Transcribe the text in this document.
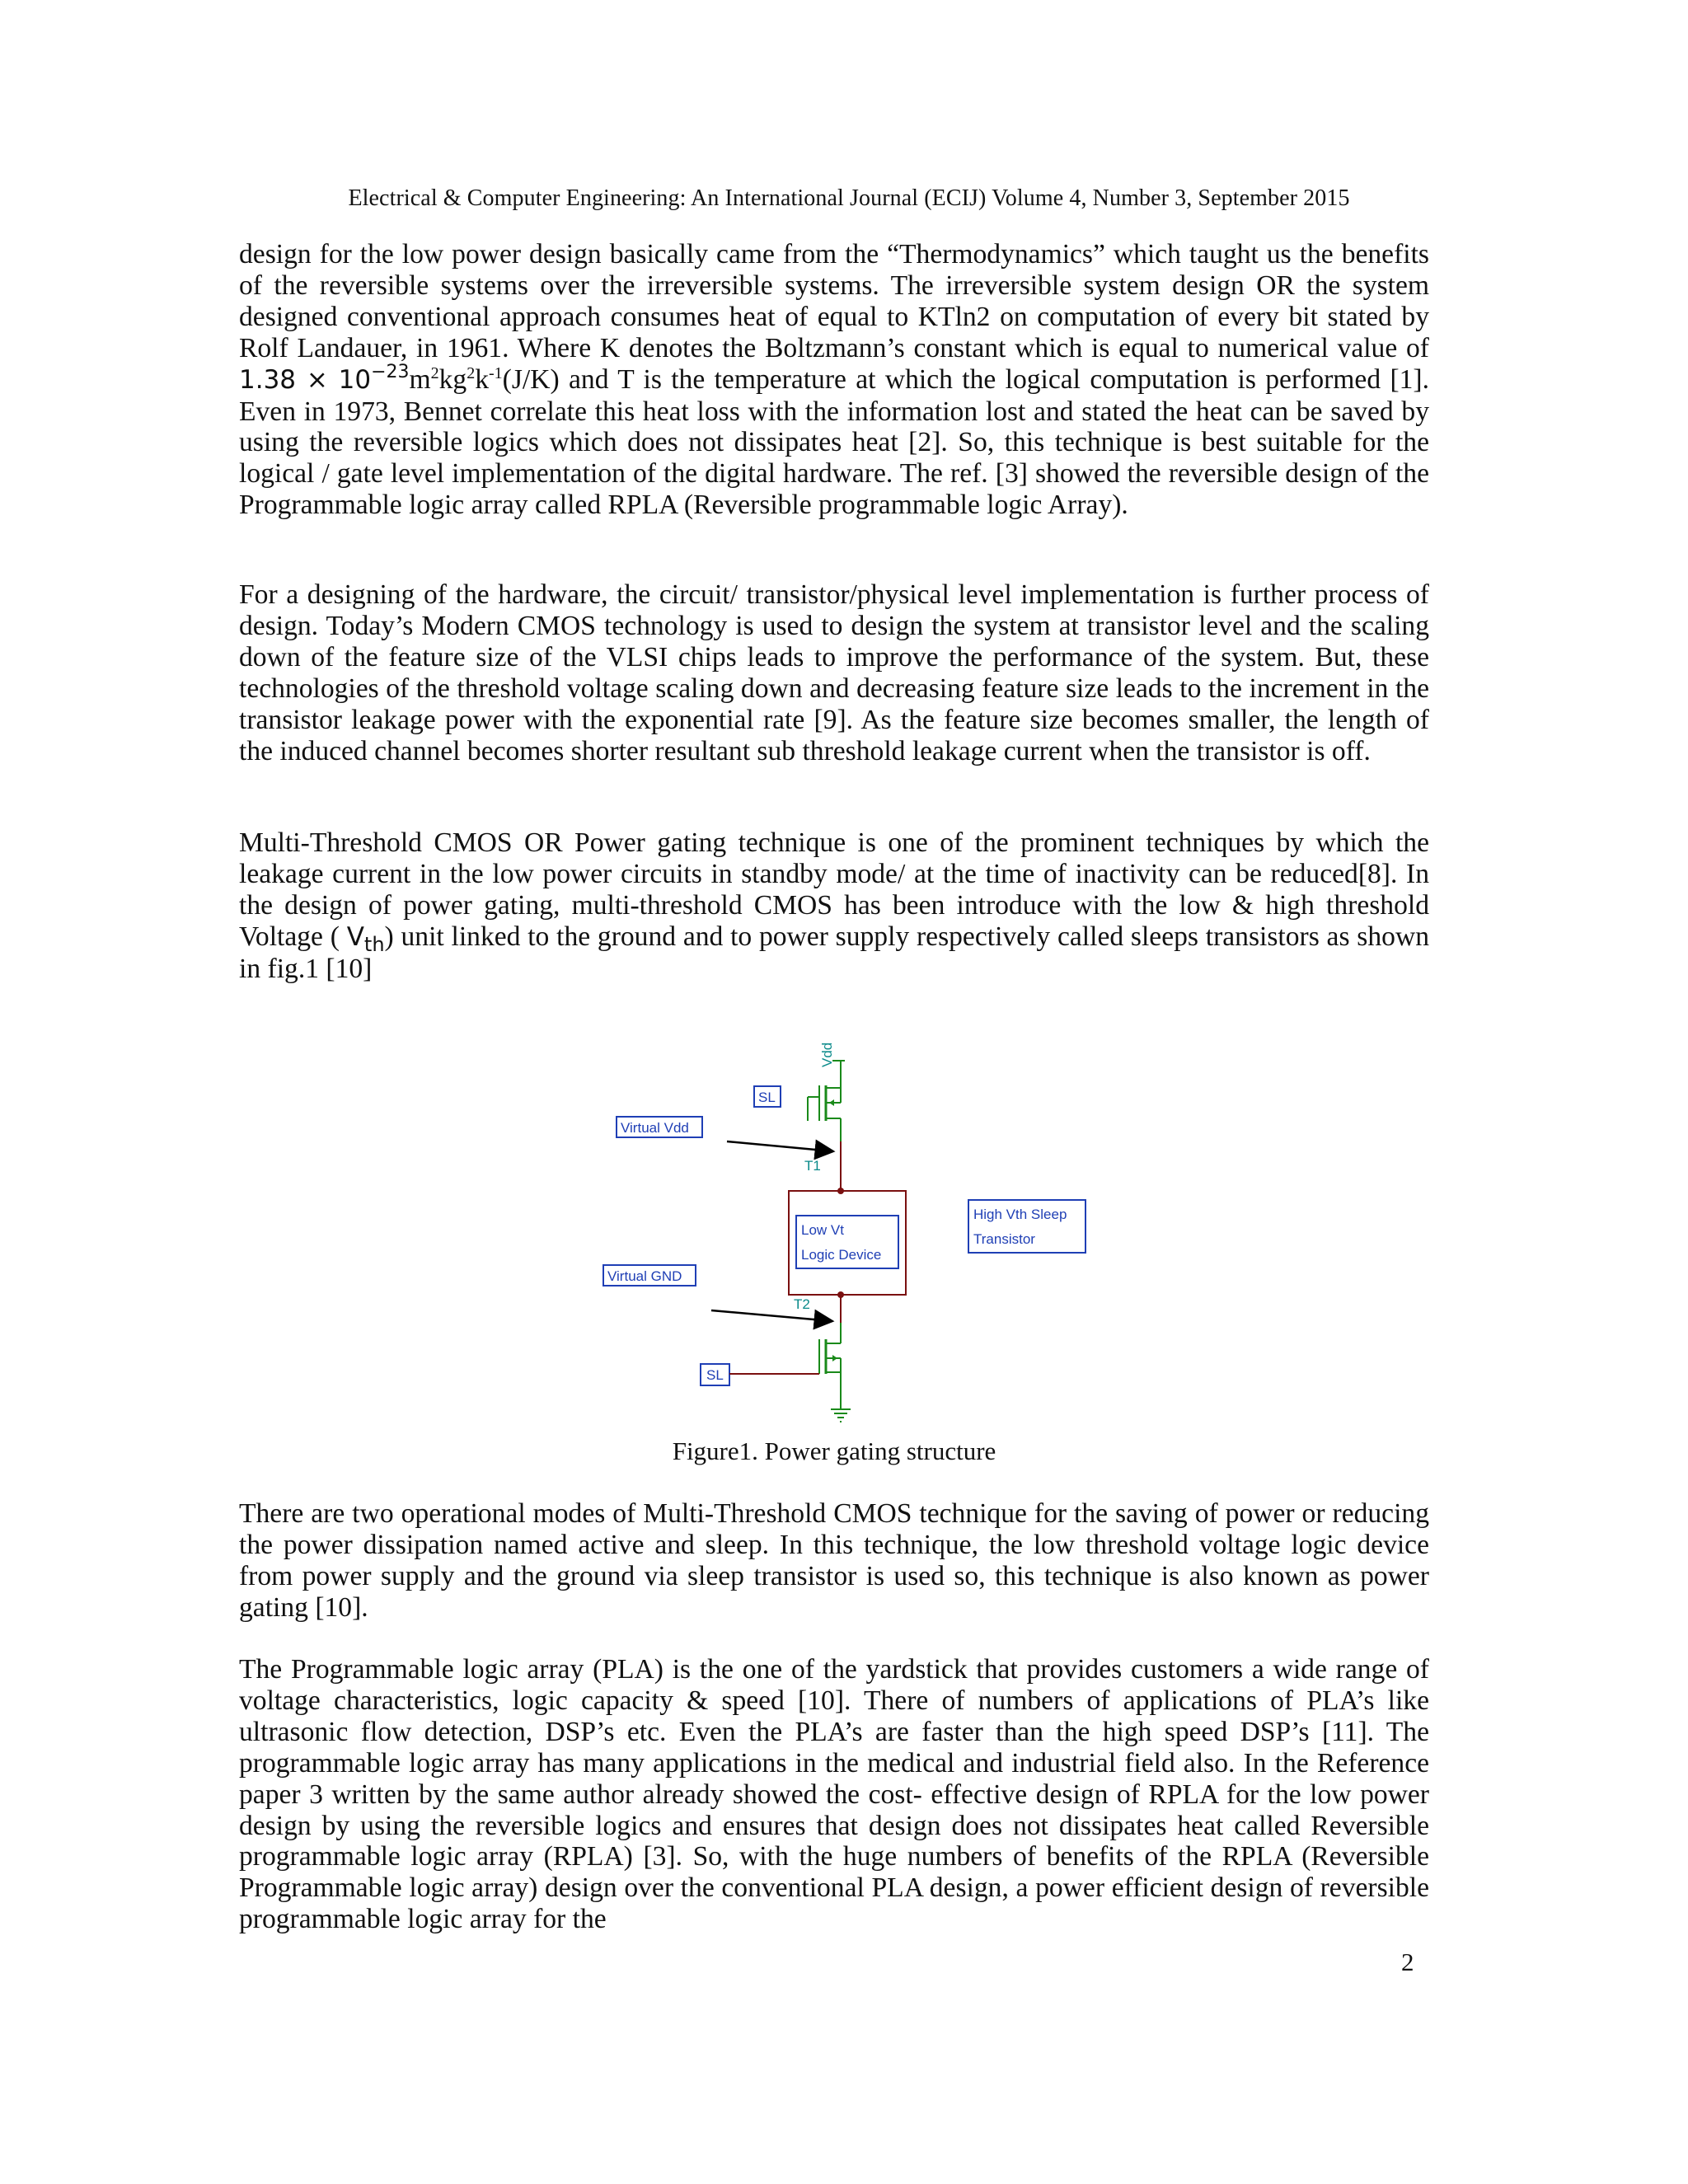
Electrical & Computer Engineering: An International Journal (ECIJ) Volume 4, Number 3, September 2015

design for the low power design basically came from the “Thermodynamics” which taught us the benefits of the reversible systems over the irreversible systems. The irreversible system design OR the system designed conventional approach consumes heat of equal to KTln2 on computation of every bit stated by Rolf Landauer, in 1961. Where K denotes the Boltzmann’s constant which is equal to numerical value of $1.38 \times 10^{-23}m^2kg^2k^{-1}(J/K)$ and T is the temperature at which the logical computation is performed [1]. Even in 1973, Bennet correlate this heat loss with the information lost and stated the heat can be saved by using the reversible logics which does not dissipates heat [2]. So, this technique is best suitable for the logical / gate level implementation of the digital hardware. The ref. [3] showed the reversible design of the Programmable logic array called RPLA (Reversible programmable logic Array).

For a designing of the hardware, the circuit/ transistor/physical level implementation is further process of design. Today’s Modern CMOS technology is used to design the system at transistor level and the scaling down of the feature size of the VLSI chips leads to improve the performance of the system. But, these technologies of the threshold voltage scaling down and decreasing feature size leads to the increment in the transistor leakage power with the exponential rate [9]. As the feature size becomes smaller, the length of the induced channel becomes shorter resultant sub threshold leakage current when the transistor is off.

Multi-Threshold CMOS OR Power gating technique is one of the prominent techniques by which the leakage current in the low power circuits in standby mode/ at the time of inactivity can be reduced[8]. In the design of power gating, multi-threshold CMOS has been introduce with the low & high threshold Voltage ( $V_{th}$) unit linked to the ground and to power supply respectively called sleeps transistors as shown in fig.1 [10]

Vdd
SL
Virtual Vdd
T1
Low Vt
Logic Device
High Vth Sleep
Transistor
Virtual GND
T2
SL
Figure1. Power gating structure

There are two operational modes of Multi-Threshold CMOS technique for the saving of power or reducing the power dissipation named active and sleep. In this technique, the low threshold voltage logic device from power supply and the ground via sleep transistor is used so, this technique is also known as power gating [10].

The Programmable logic array (PLA) is the one of the yardstick that provides customers a wide range of voltage characteristics, logic capacity & speed [10]. There of numbers of applications of PLA’s like ultrasonic flow detection, DSP’s etc. Even the PLA’s are faster than the high speed DSP’s [11]. The programmable logic array has many applications in the medical and industrial field also. In the Reference paper 3 written by the same author already showed the cost- effective design of RPLA for the low power design by using the reversible logics and ensures that design does not dissipates heat called Reversible programmable logic array (RPLA) [3]. So, with the huge numbers of benefits of the RPLA (Reversible Programmable logic array) design over the conventional PLA design, a power efficient design of reversible programmable logic array for the

2
